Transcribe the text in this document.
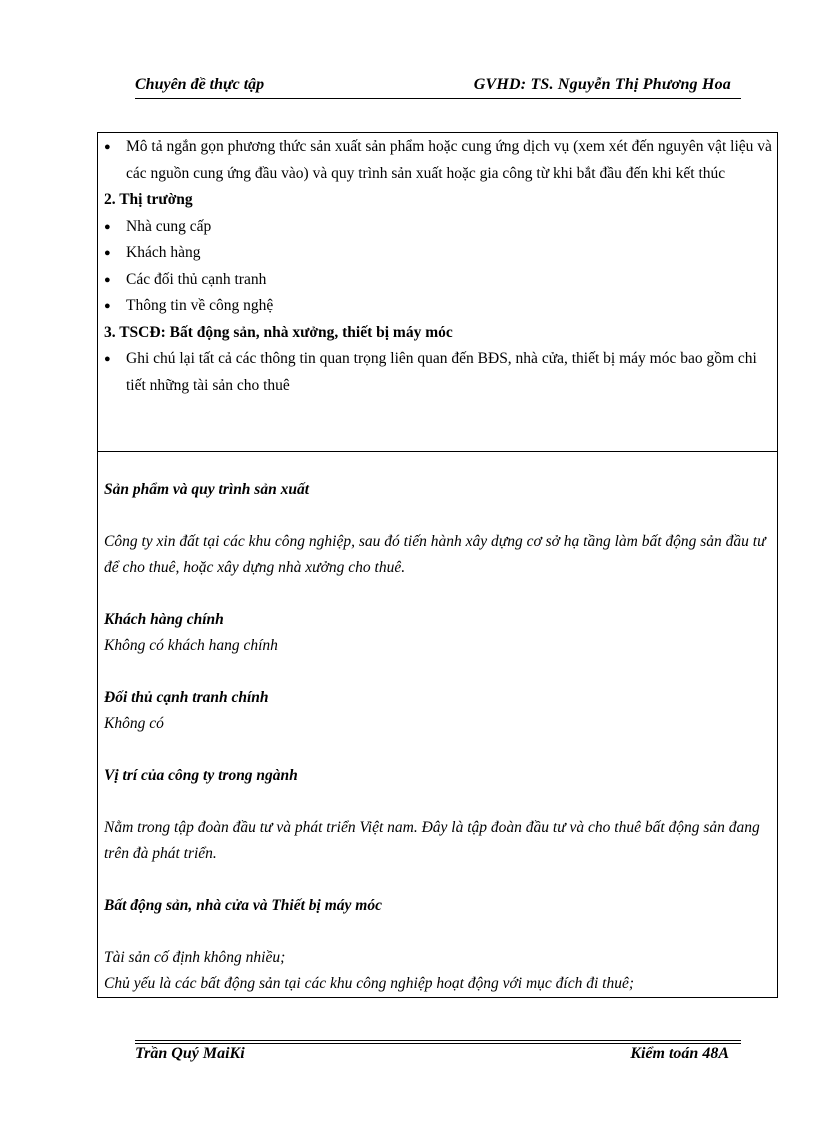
Chuyên đề thực tập	GVHD: TS. Nguyễn Thị Phương Hoa
● Mô tả ngắn gọn phương thức sản xuất sản phẩm hoặc cung ứng dịch vụ (xem xét đến nguyên vật liệu và các nguồn cung ứng đầu vào) và quy trình sản xuất hoặc gia công từ khi bắt đầu đến khi kết thúc

2. Thị trường

● Nhà cung cấp

● Khách hàng

● Các đối thủ cạnh tranh

● Thông tin về công nghệ

3. TSCĐ: Bất động sản, nhà xưởng, thiết bị máy móc

● Ghi chú lại tất cả các thông tin quan trọng liên quan đến BĐS, nhà cửa, thiết bị máy móc bao gồm chi tiết những tài sản cho thuê

Sản phẩm và quy trình sản xuất

Công ty xin đất tại các khu công nghiệp, sau đó tiến hành xây dựng cơ sở hạ tầng làm bất động sản đầu tư để cho thuê, hoặc xây dựng nhà xưởng cho thuê.

Khách hàng chính

Không có khách hang chính

Đối thủ cạnh tranh chính

Không có

Vị trí của công ty trong ngành

Nằm trong tập đoàn đầu tư và phát triển Việt nam. Đây là tập đoàn đầu tư và cho thuê bất động sản đang trên đà phát triển.

Bất động sản, nhà cửa và Thiết bị máy móc

Tài sản cố định không nhiều;

Chủ yếu là các bất động sản tại các khu công nghiệp hoạt động với mục đích đi thuê;

Trần Quý MaiKi	Kiểm toán 48A
